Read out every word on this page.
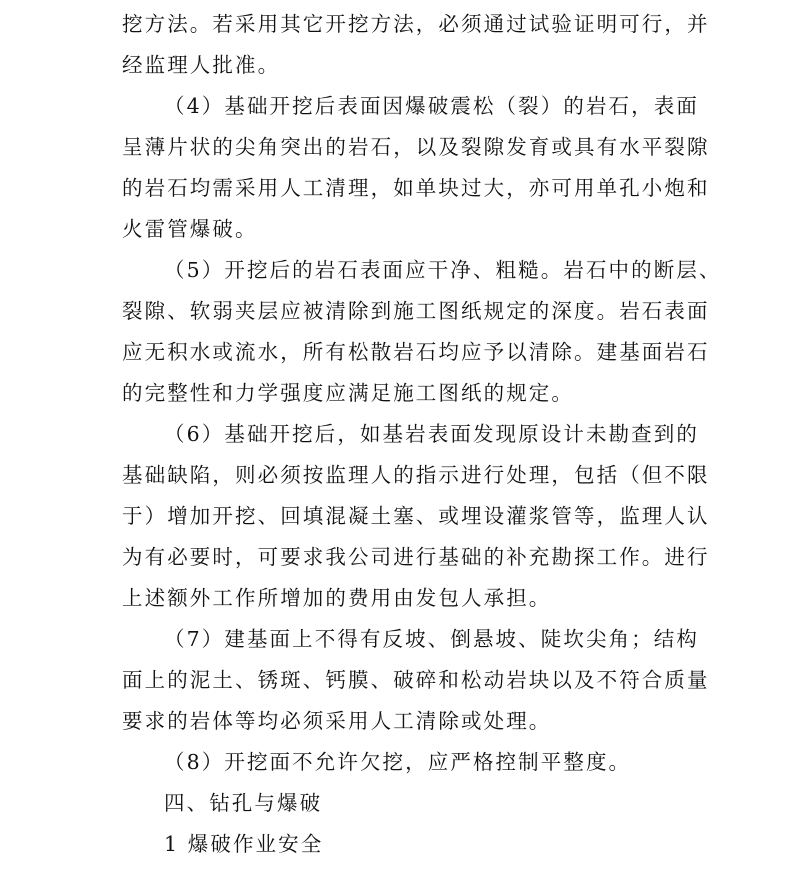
挖方法。若采用其它开挖方法，必须通过试验证明可行，并
经监理人批准。
（4）基础开挖后表面因爆破震松（裂）的岩石，表面
呈薄片状的尖角突出的岩石，以及裂隙发育或具有水平裂隙
的岩石均需采用人工清理，如单块过大，亦可用单孔小炮和
火雷管爆破。
（5）开挖后的岩石表面应干净、粗糙。岩石中的断层、
裂隙、软弱夹层应被清除到施工图纸规定的深度。岩石表面
应无积水或流水，所有松散岩石均应予以清除。建基面岩石
的完整性和力学强度应满足施工图纸的规定。
（6）基础开挖后，如基岩表面发现原设计未勘查到的
基础缺陷，则必须按监理人的指示进行处理，包括（但不限
于）增加开挖、回填混凝土塞、或埋设灌浆管等，监理人认
为有必要时，可要求我公司进行基础的补充勘探工作。进行
上述额外工作所增加的费用由发包人承担。
（7）建基面上不得有反坡、倒悬坡、陡坎尖角；结构
面上的泥土、锈斑、钙膜、破碎和松动岩块以及不符合质量
要求的岩体等均必须采用人工清除或处理。
（8）开挖面不允许欠挖，应严格控制平整度。
四、钻孔与爆破
1 爆破作业安全
